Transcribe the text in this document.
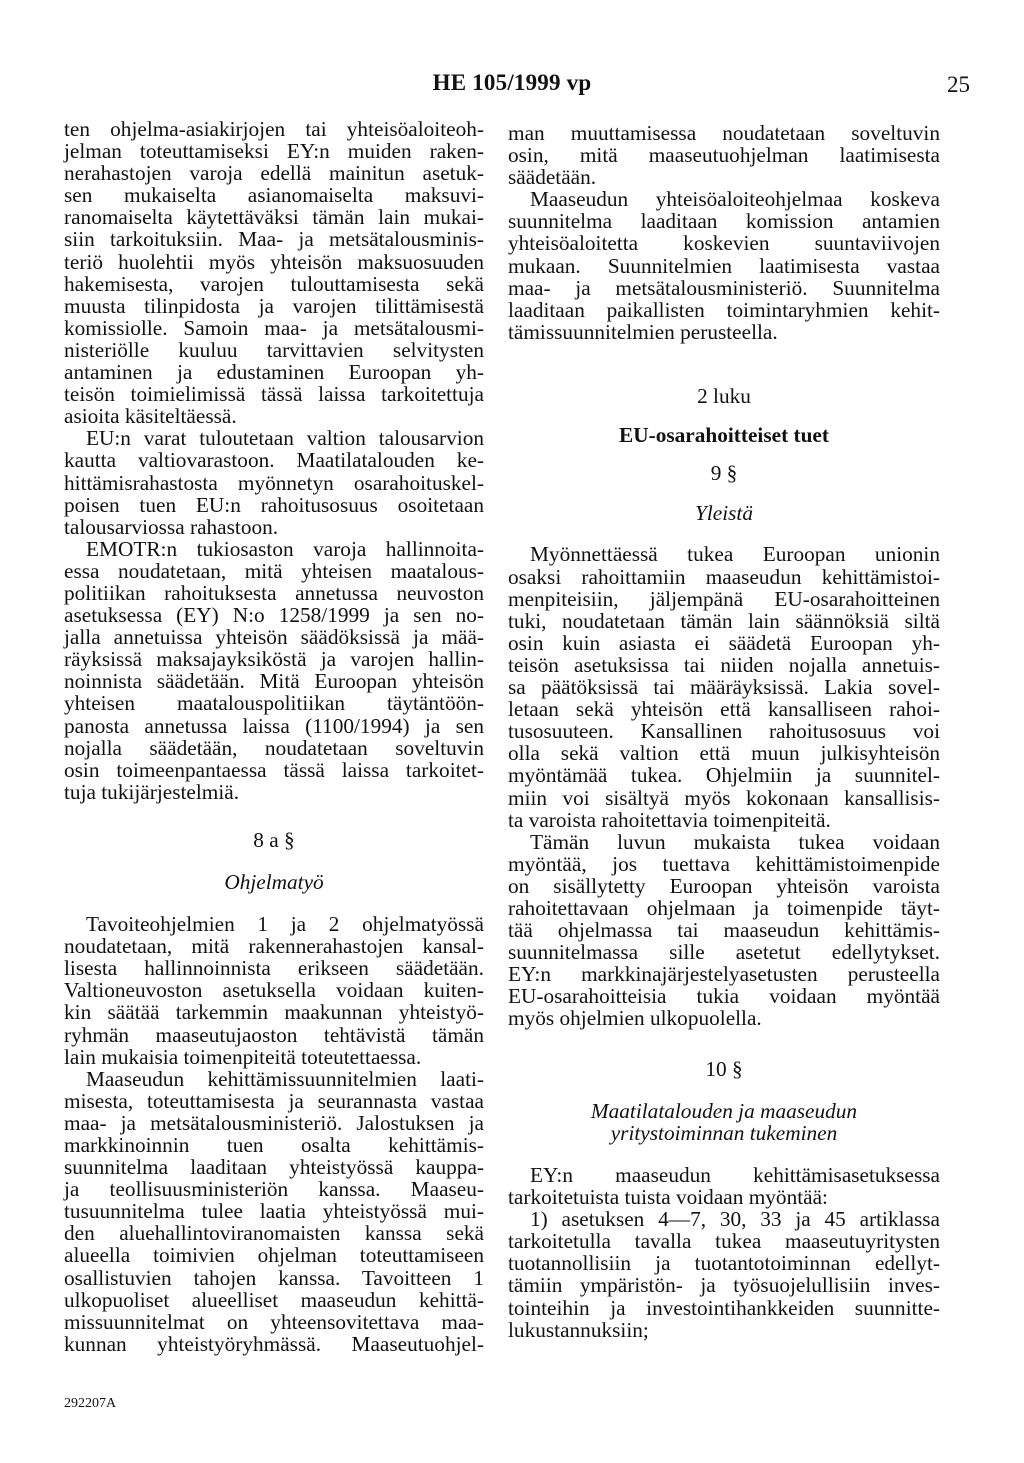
HE 105/1999 vp	25
ten ohjelma-asiakirjojen tai yhteisöaloiteoh-
jelman toteuttamiseksi EY:n muiden raken-
nerahastojen varoja edellä mainitun asetuk-
sen mukaiselta asianomaiselta maksuvi-
ranomaiselta käytettäväksi tämän lain mukai-
siin tarkoituksiin. Maa- ja metsätalousminis-
teriö huolehtii myös yhteisön maksuosuuden
hakemisesta, varojen tulouttamisesta sekä
muusta tilinpidosta ja varojen tilittämisestä
komissiolle. Samoin maa- ja metsätalousmi-
nisteriölle kuuluu tarvittavien selvitysten
antaminen ja edustaminen Euroopan yh-
teisön toimielimissä tässä laissa tarkoitettuja
asioita käsiteltäessä.
EU:n varat tuloutetaan valtion talousarvion
kautta valtiovarastoon. Maatilatalouden ke-
hittämisrahastosta myönnetyn osarahoituskel-
poisen tuen EU:n rahoitusosuus osoitetaan
talousarviossa rahastoon.
EMOTR:n tukiosaston varoja hallinnoita-
essa noudatetaan, mitä yhteisen maatalous-
politiikan rahoituksesta annetussa neuvoston
asetuksessa (EY) N:o 1258/1999 ja sen no-
jalla annetuissa yhteisön säädöksissä ja mää-
räyksissä maksajayksiköstä ja varojen hallin-
noinnista säädetään. Mitä Euroopan yhteisön
yhteisen maatalouspolitiikan täytäntöön-
panosta annetussa laissa (1100/1994) ja sen
nojalla säädetään, noudatetaan soveltuvin
osin toimeenpantaessa tässä laissa tarkoitet-
tuja tukijärjestelmiä.
8 a §
Ohjelmatyö
Tavoiteohjelmien 1 ja 2 ohjelmatyössä
noudatetaan, mitä rakennerahastojen kansal-
lisesta hallinnoinnista erikseen säädetään.
Valtioneuvoston asetuksella voidaan kuiten-
kin säätää tarkemmin maakunnan yhteistyö-
ryhmän maaseutujaoston tehtävistä tämän
lain mukaisia toimenpiteitä toteutettaessa.
Maaseudun kehittämissuunnitelmien laati-
misesta, toteuttamisesta ja seurannasta vastaa
maa- ja metsätalousministeriö. Jalostuksen ja
markkinoinnin tuen osalta kehittämis-
suunnitelma laaditaan yhteistyössä kauppa-
ja teollisuusministeriön kanssa. Maaseu-
tusuunnitelma tulee laatia yhteistyössä mui-
den aluehallintoviranomaisten kanssa sekä
alueella toimivien ohjelman toteuttamiseen
osallistuvien tahojen kanssa. Tavoitteen 1
ulkopuoliset alueelliset maaseudun kehittä-
missuunnitelmat on yhteensovitettava maa-
kunnan yhteistyöryhmässä. Maaseutuohjel-
man muuttamisessa noudatetaan soveltuvin
osin, mitä maaseutuohjelman laatimisesta
säädetään.
Maaseudun yhteisöaloiteohjelmaa koskeva
suunnitelma laaditaan komission antamien
yhteisöaloitetta koskevien suuntaviivojen
mukaan. Suunnitelmien laatimisesta vastaa
maa- ja metsätalousministeriö. Suunnitelma
laaditaan paikallisten toimintaryhmien kehit-
tämissuunnitelmien perusteella.
2 luku
EU-osarahoitteiset tuet
9 §
Yleistä
Myönnettäessä tukea Euroopan unionin
osaksi rahoittamiin maaseudun kehittämistoi-
menpiteisiin, jäljempänä EU-osarahoitteinen
tuki, noudatetaan tämän lain säännöksiä siltä
osin kuin asiasta ei säädetä Euroopan yh-
teisön asetuksissa tai niiden nojalla annetuis-
sa päätöksissä tai määräyksissä. Lakia sovel-
letaan sekä yhteisön että kansalliseen rahoi-
tusosuuteen. Kansallinen rahoitusosuus voi
olla sekä valtion että muun julkisyhteisön
myöntämää tukea. Ohjelmiin ja suunnitel-
miin voi sisältyä myös kokonaan kansallisis-
ta varoista rahoitettavia toimenpiteitä.
Tämän luvun mukaista tukea voidaan
myöntää, jos tuettava kehittämistoimenpide
on sisällytetty Euroopan yhteisön varoista
rahoitettavaan ohjelmaan ja toimenpide täyt-
tää ohjelmassa tai maaseudun kehittämis-
suunnitelmassa sille asetetut edellytykset.
EY:n markkinajärjestelyasetusten perusteella
EU-osarahoitteisia tukia voidaan myöntää
myös ohjelmien ulkopuolella.
10 §
Maatilatalouden ja maaseudun
yritystoiminnan tukeminen
EY:n maaseudun kehittämisasetuksessa
tarkoitetuista tuista voidaan myöntää:
1) asetuksen 4—7, 30, 33 ja 45 artiklassa
tarkoitetulla tavalla tukea maaseutuyritysten
tuotannollisiin ja tuotantotoiminnan edellyt-
tämiin ympäristön- ja työsuojelullisiin inves-
tointeihin ja investointihankkeiden suunnitte-
lukustannuksiin;
292207A
